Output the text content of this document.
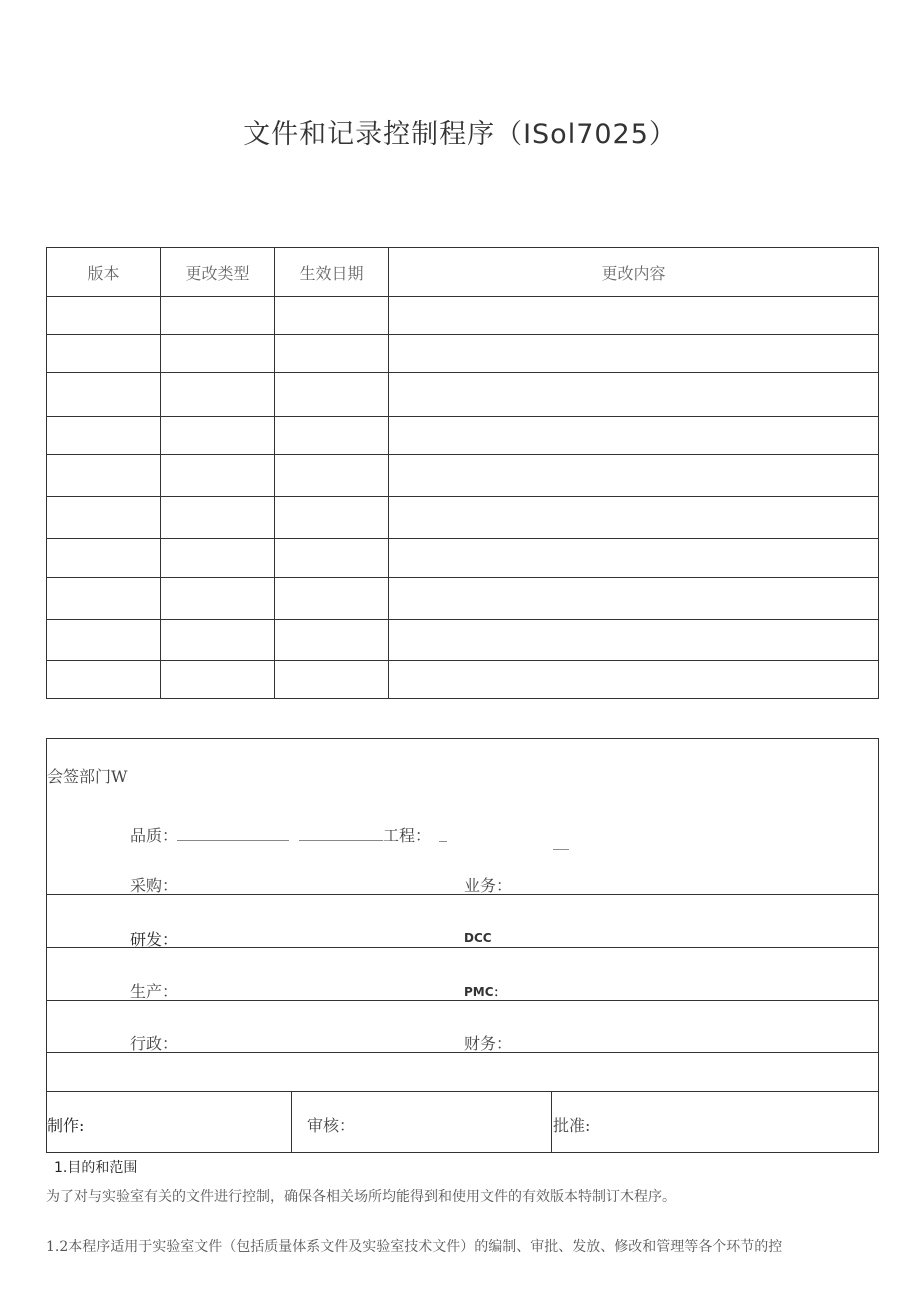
文件和记录控制程序（ISol7025）
版本	更改类型	生效日期	更改内容

会签部门W
品质：	工程： _	__
采购：	业务：
研发：	DCC
生产：	PMC：
行政：	财务：
制作:	审核：	批准:
1.目的和范围
为了对与实验室有关的文件进行控制，确保各相关场所均能得到和使用文件的有效版本特制订木程序。
1.2本程序适用于实验室文件（包括质量体系文件及实验室技术文件）的编制、审批、发放、修改和管理等各个环节的控
